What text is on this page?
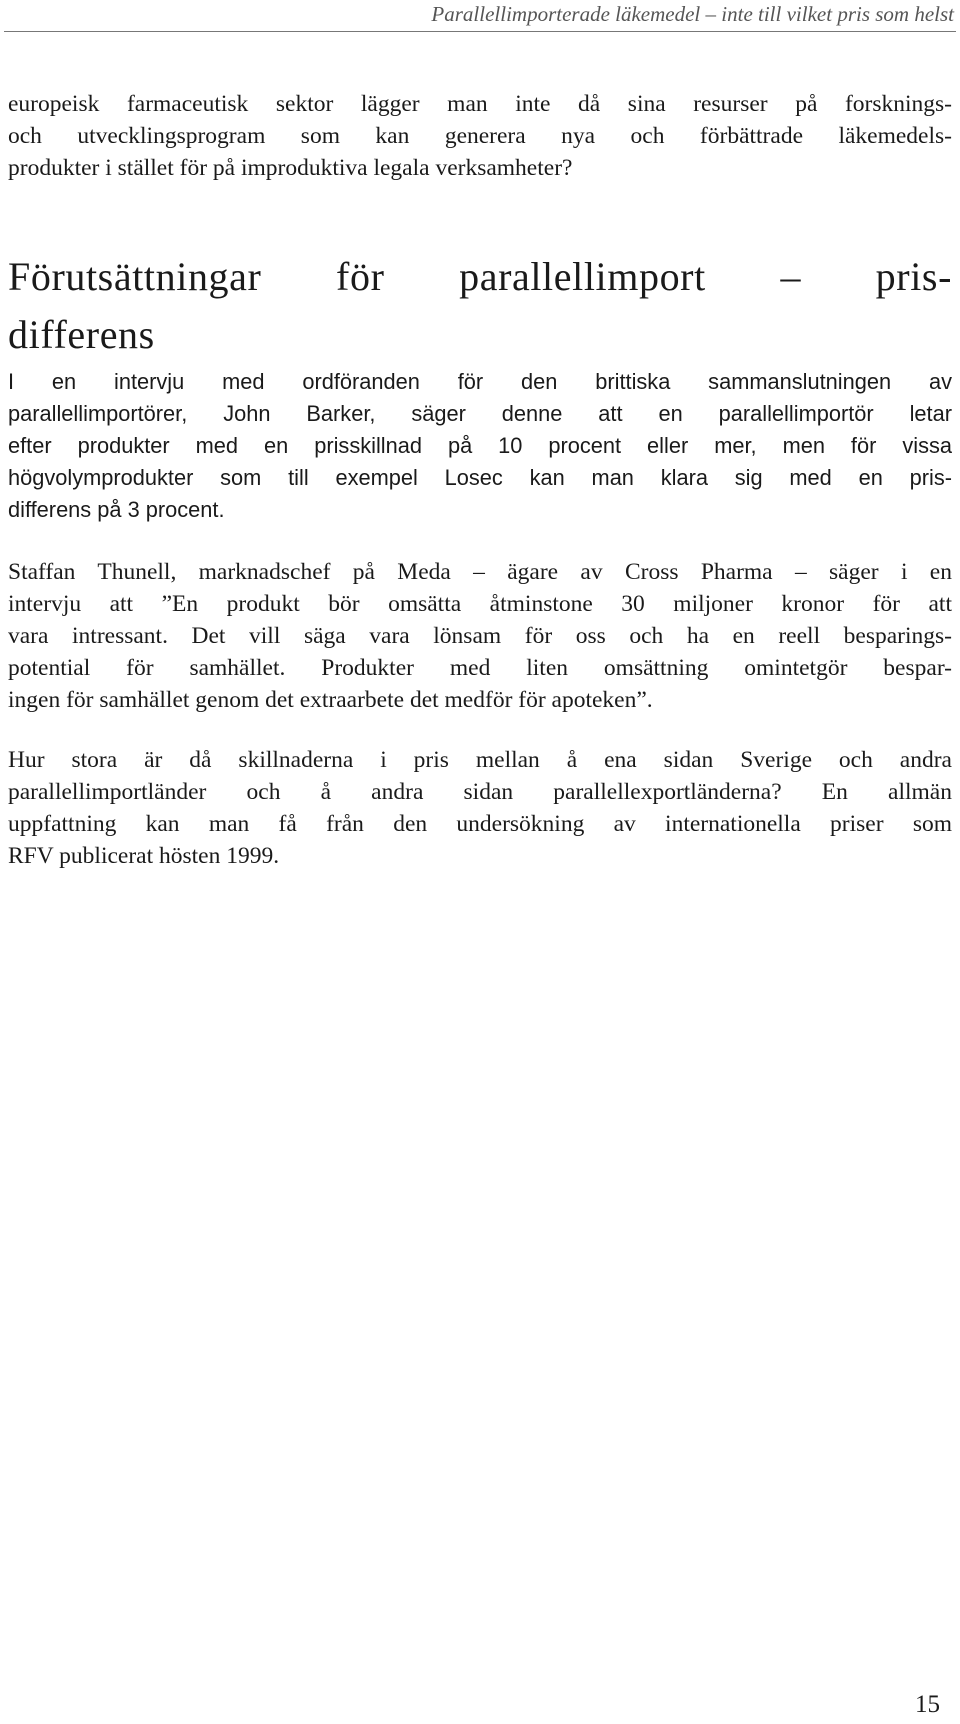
Parallellimporterade läkemedel – inte till vilket pris som helst
europeisk farmaceutisk sektor lägger man inte då sina resurser på forsknings-
och utvecklingsprogram som kan generera nya och förbättrade läkemedels-
produkter i stället för på improduktiva legala verksamheter?
Förutsättningar för parallellimport – pris-
differens
I en intervju med ordföranden för den brittiska sammanslutningen av
parallellimportörer, John Barker, säger denne att en parallellimportör letar
efter produkter med en prisskillnad på 10 procent eller mer, men för vissa
högvolymprodukter som till exempel Losec kan man klara sig med en pris-
differens på 3 procent.
Staffan Thunell, marknadschef på Meda – ägare av Cross Pharma – säger i en
intervju att ”En produkt bör omsätta åtminstone 30 miljoner kronor för att
vara intressant. Det vill säga vara lönsam för oss och ha en reell besparings-
potential för samhället. Produkter med liten omsättning omintetgör bespar-
ingen för samhället genom det extraarbete det medför för apoteken”.
Hur stora är då skillnaderna i pris mellan å ena sidan Sverige och andra
parallellimportländer och å andra sidan parallellexportländerna? En allmän
uppfattning kan man få från den undersökning av internationella priser som
RFV publicerat hösten 1999.
15
